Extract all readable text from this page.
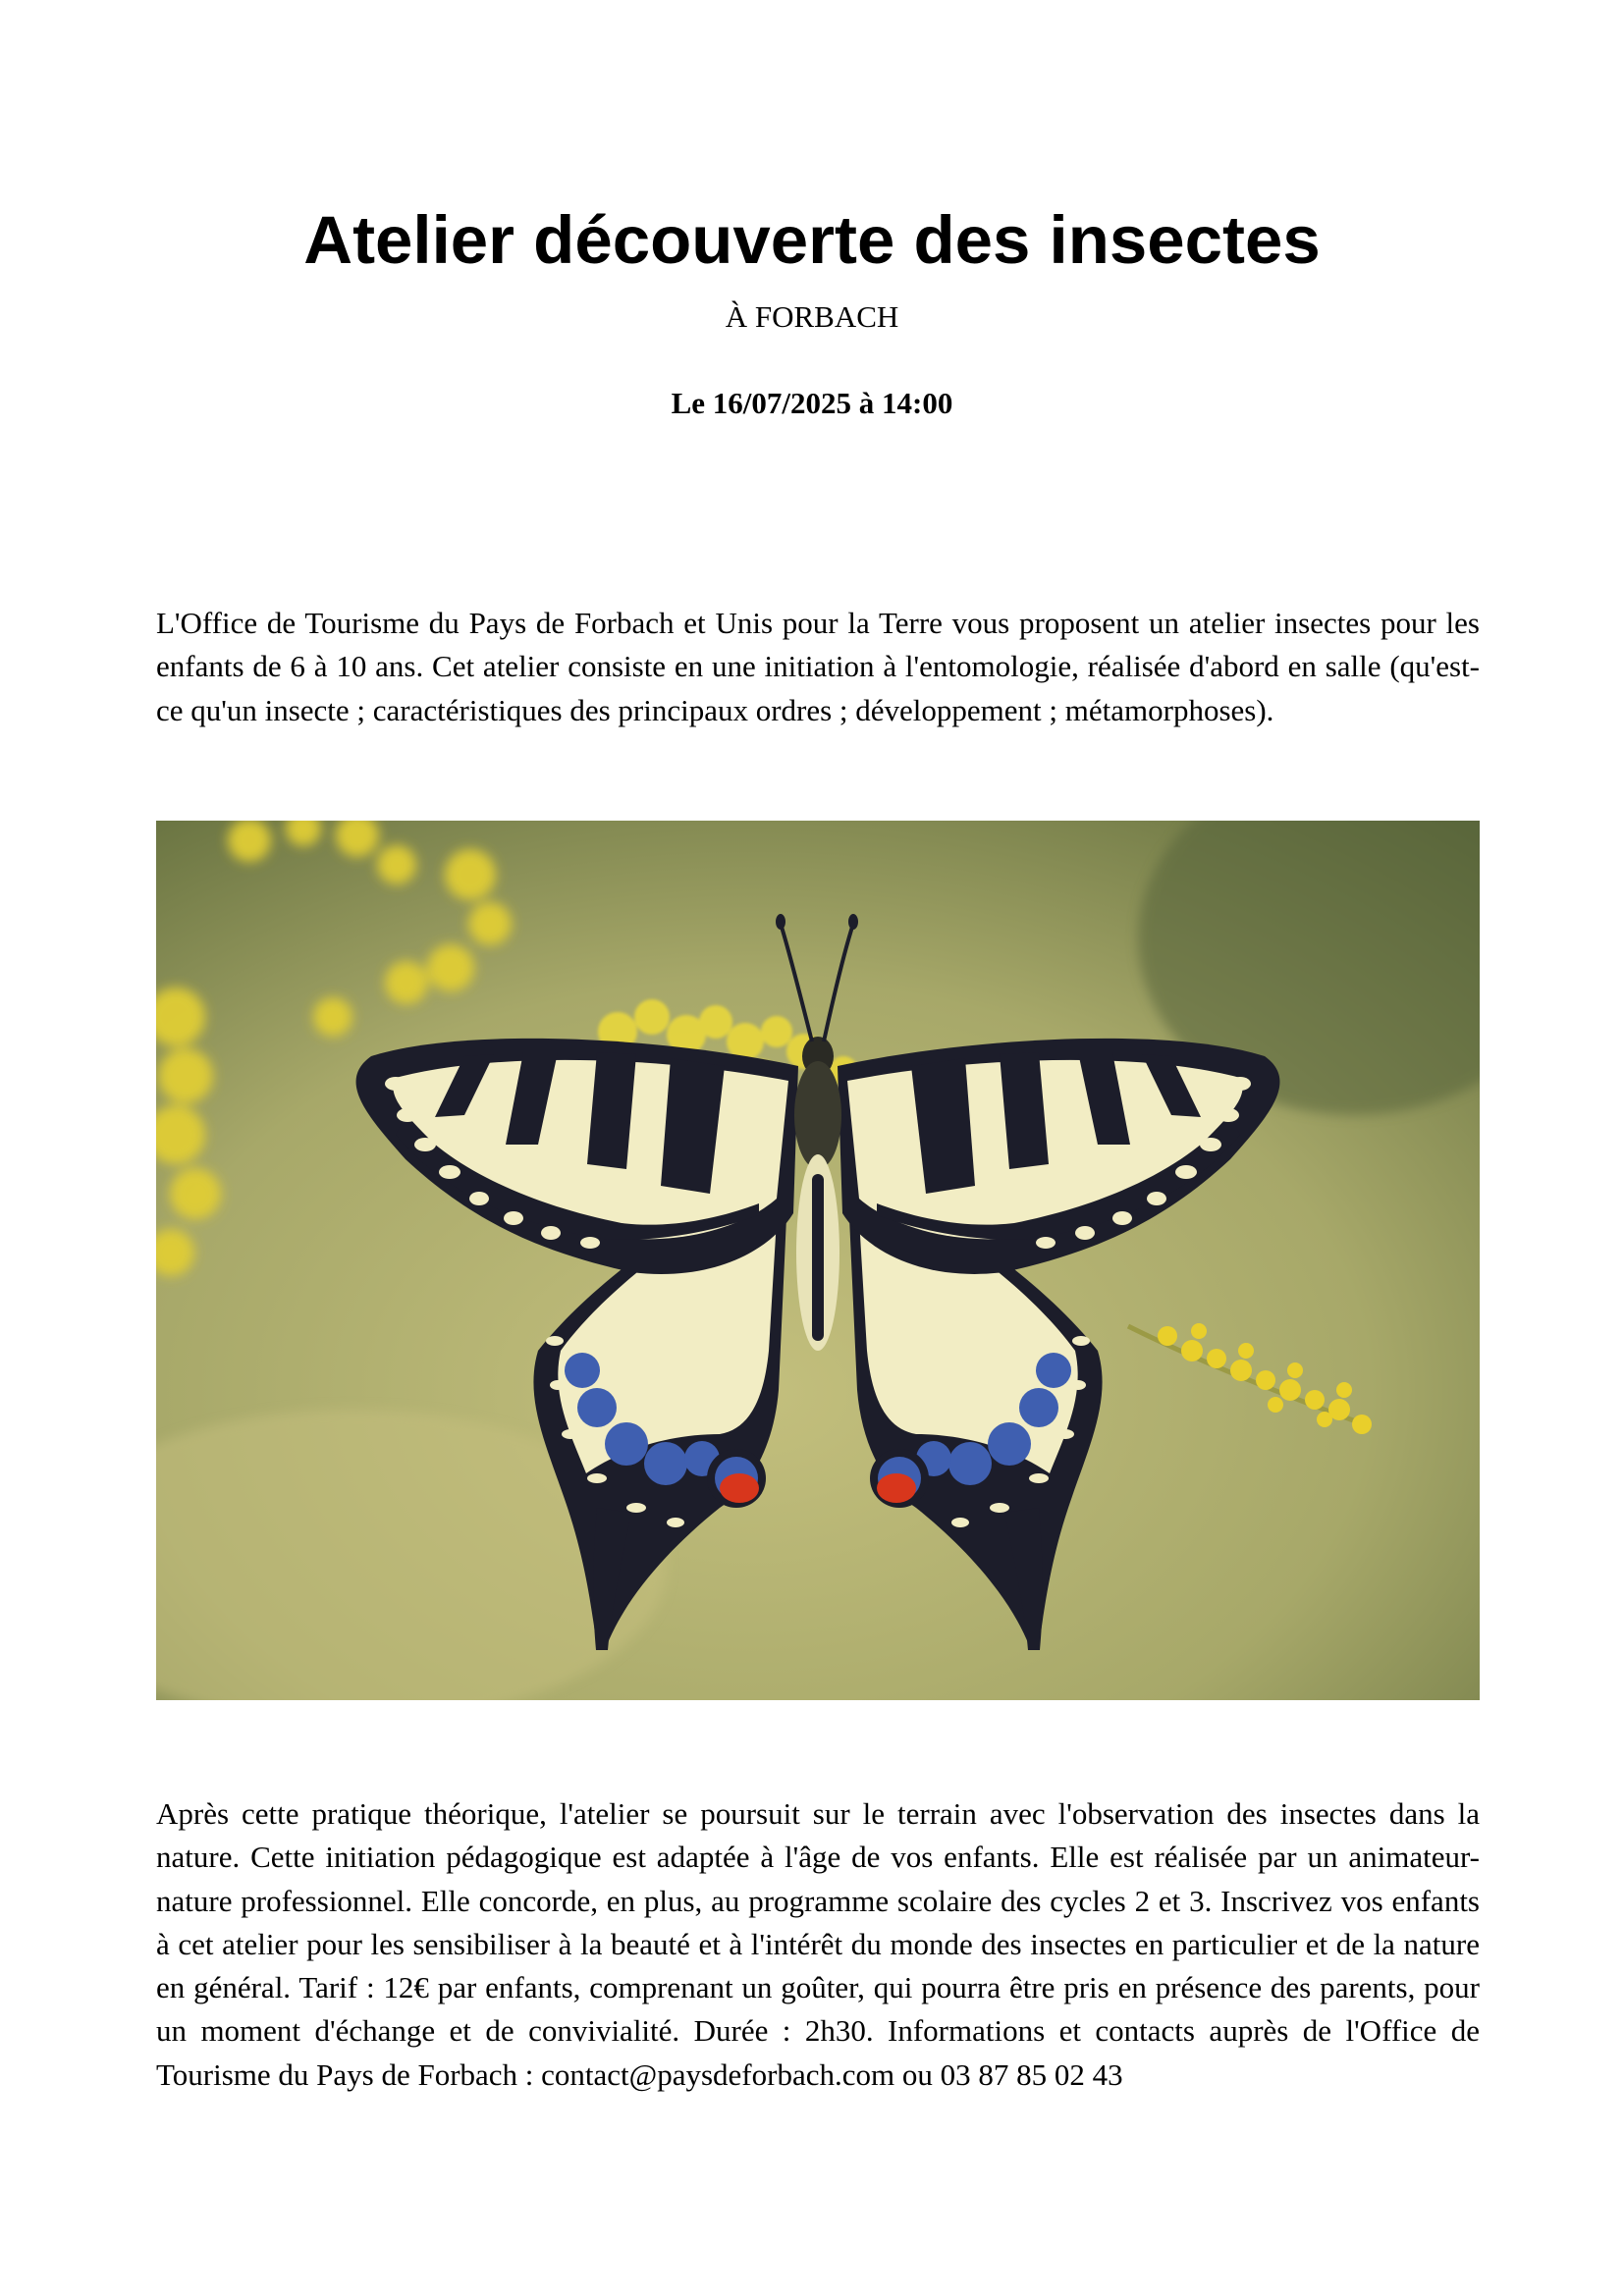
Atelier découverte des insectes
À FORBACH
Le 16/07/2025 à 14:00

L'Office de Tourisme du Pays de Forbach et Unis pour la Terre vous proposent un atelier insectes pour les enfants de 6 à 10 ans. Cet atelier consiste en une initiation à l'entomologie, réalisée d'abord en salle (qu'est-ce qu'un insecte ; caractéristiques des principaux ordres ; développement ; métamorphoses).

Après cette pratique théorique, l'atelier se poursuit sur le terrain avec l'observation des insectes dans la nature. Cette initiation pédagogique est adaptée à l'âge de vos enfants. Elle est réalisée par un animateur-nature professionnel. Elle concorde, en plus, au programme scolaire des cycles 2 et 3. Inscrivez vos enfants à cet atelier pour les sensibiliser à la beauté et à l'intérêt du monde des insectes en particulier et de la nature en général. Tarif : 12€ par enfants, comprenant un goûter, qui pourra être pris en présence des parents, pour un moment d'échange et de convivialité. Durée : 2h30. Informations et contacts auprès de l'Office de Tourisme du Pays de Forbach : contact@paysdeforbach.com ou 03 87 85 02 43
